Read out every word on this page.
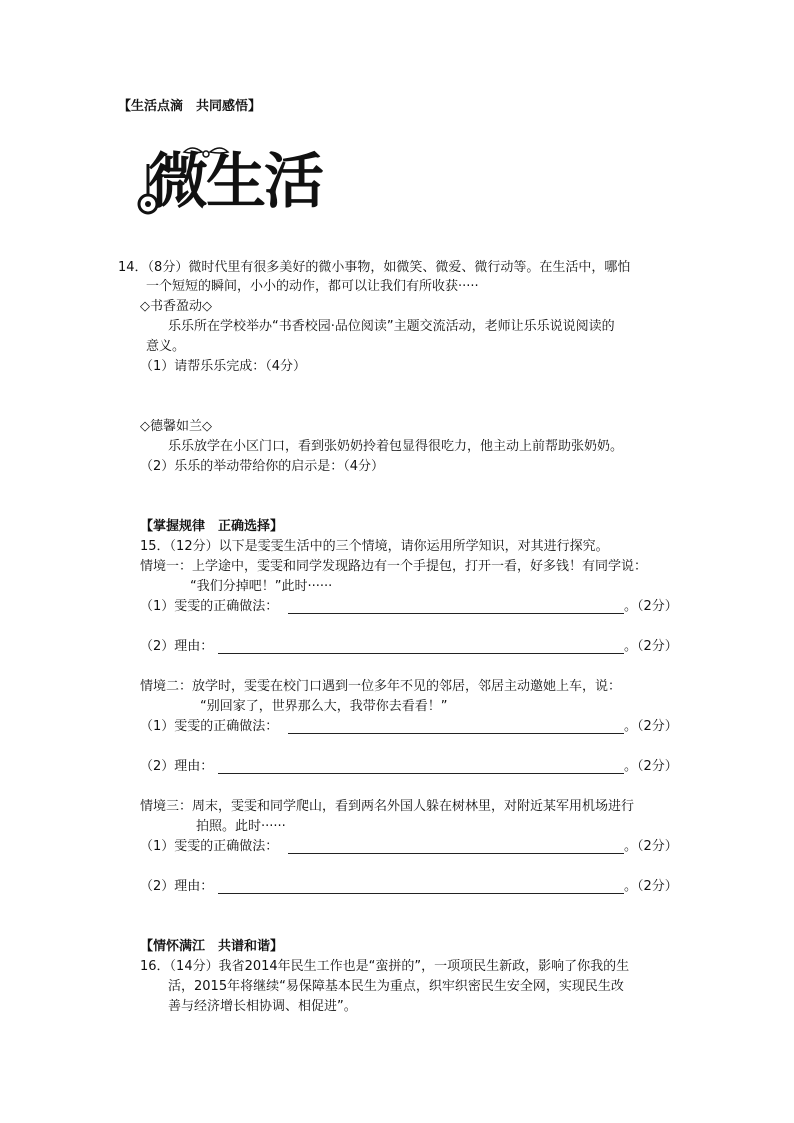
【生活点滴　共同感悟】
微生活
14．（8分）微时代里有很多美好的微小事物，如微笑、微爱、微行动等。在生活中，哪怕
一个短短的瞬间，小小的动作，都可以让我们有所收获·····
◇书香盈动◇
乐乐所在学校举办“书香校园·品位阅读”主题交流活动，老师让乐乐说说阅读的
意义。
（1）请帮乐乐完成：（4分）
◇德馨如兰◇
乐乐放学在小区门口，看到张奶奶拎着包显得很吃力，他主动上前帮助张奶奶。
（2）乐乐的举动带给你的启示是：（4分）
【掌握规律　正确选择】
15．（12分）以下是雯雯生活中的三个情境，请你运用所学知识，对其进行探究。
情境一：上学途中，雯雯和同学发现路边有一个手提包，打开一看，好多钱！有同学说：
“我们分掉吧！”此时······
（1）雯雯的正确做法：	。（2分）
（2）理由：	。（2分）
情境二：放学时，雯雯在校门口遇到一位多年不见的邻居，邻居主动邀她上车，说：
“别回家了，世界那么大，我带你去看看！”
（1）雯雯的正确做法：	。（2分）
（2）理由：	。（2分）
情境三：周末，雯雯和同学爬山，看到两名外国人躲在树林里，对附近某军用机场进行
拍照。此时······
（1）雯雯的正确做法：	。（2分）
（2）理由：	。（2分）
【情怀满江　共谱和谐】
16．（14分）我省2014年民生工作也是“蛮拼的”，一项项民生新政，影响了你我的生
活，2015年将继续“易保障基本民生为重点，织牢织密民生安全网，实现民生改
善与经济增长相协调、相促进”。
